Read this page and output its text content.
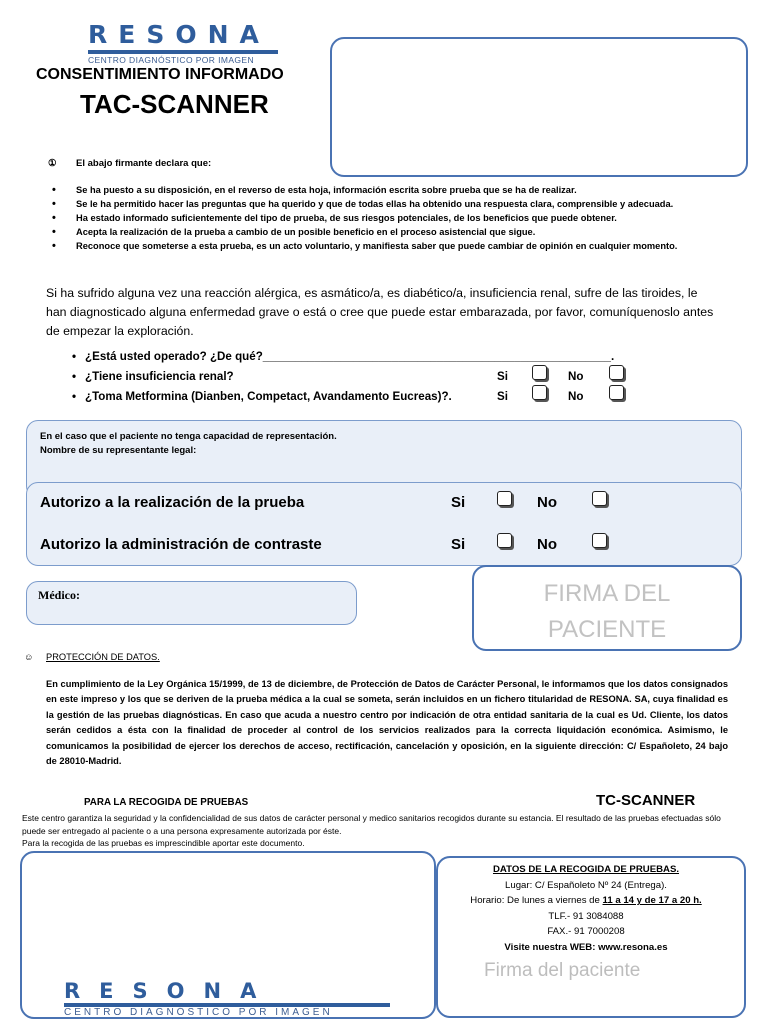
RESONA
CENTRO DIAGNÓSTICO POR IMAGEN
CONSENTIMIENTO INFORMADO
TAC-SCANNER
① El abajo firmante declara que:
• Se ha puesto a su disposición, en el reverso de esta hoja, información escrita sobre prueba que se ha de realizar.
• Se le ha permitido hacer las preguntas que ha querido y que de todas ellas ha obtenido una respuesta clara, comprensible y adecuada.
• Ha estado informado suficientemente del tipo de prueba, de sus riesgos potenciales, de los beneficios que puede obtener.
• Acepta la realización de la prueba a cambio de un posible beneficio en el proceso asistencial que sigue.
• Reconoce que someterse a esta prueba, es un acto voluntario, y manifiesta saber que puede cambiar de opinión en cualquier momento.
Si ha sufrido alguna vez una reacción alérgica, es asmático/a, es diabético/a, insuficiencia renal, sufre de las tiroides, le han diagnosticado alguna enfermedad grave o está o cree que puede estar embarazada, por favor, comuníquenoslo antes de empezar la exploración.
• ¿Está usted operado? ¿De qué?______________________________________________________.
• ¿Tiene insuficiencia renal?	Si	No
• ¿Toma Metformina (Dianben, Competact, Avandamento Eucreas)?.	Si	No
En el caso que el paciente no tenga capacidad de representación.
Nombre de su representante legal:
Autorizo a la realización de la prueba	Si	No
Autorizo la administración de contraste	Si	No
Médico:	FIRMA DEL
PACIENTE
☺ PROTECCIÓN DE DATOS.
En cumplimiento de la Ley Orgánica 15/1999, de 13 de diciembre, de Protección de Datos de Carácter Personal, le informamos que los datos consignados en este impreso y los que se deriven de la prueba médica a la cual se someta, serán incluidos en un fichero titularidad de RESONA. SA, cuya finalidad es la gestión de las pruebas diagnósticas. En caso que acuda a nuestro centro por indicación de otra entidad sanitaria de la cual es Ud. Cliente, los datos serán cedidos a ésta con la finalidad de proceder al control de los servicios realizados para la correcta liquidación económica. Asimismo, le comunicamos la posibilidad de ejercer los derechos de acceso, rectificación, cancelación y oposición, en la siguiente dirección: C/ Españoleto, 24 bajo de 28010-Madrid.
PARA LA RECOGIDA DE PRUEBAS	TC-SCANNER
Este centro garantiza la seguridad y la confidencialidad de sus datos de carácter personal y medico sanitarios recogidos durante su estancia. El resultado de las pruebas efectuadas sólo puede ser entregado al paciente o a una persona expresamente autorizada por éste.
Para la recogida de las pruebas es imprescindible aportar este documento.
DATOS DE LA RECOGIDA DE PRUEBAS.
Lugar: C/ Españoleto Nº 24 (Entrega).
Horario: De lunes a viernes de 11 a 14 y de 17 a 20 h.
TLF.- 91 3084088
FAX.- 91 7000208
Visite nuestra WEB: www.resona.es
Firma del paciente
RESONA
CENTRO DIAGNÓSTICO POR IMAGEN
